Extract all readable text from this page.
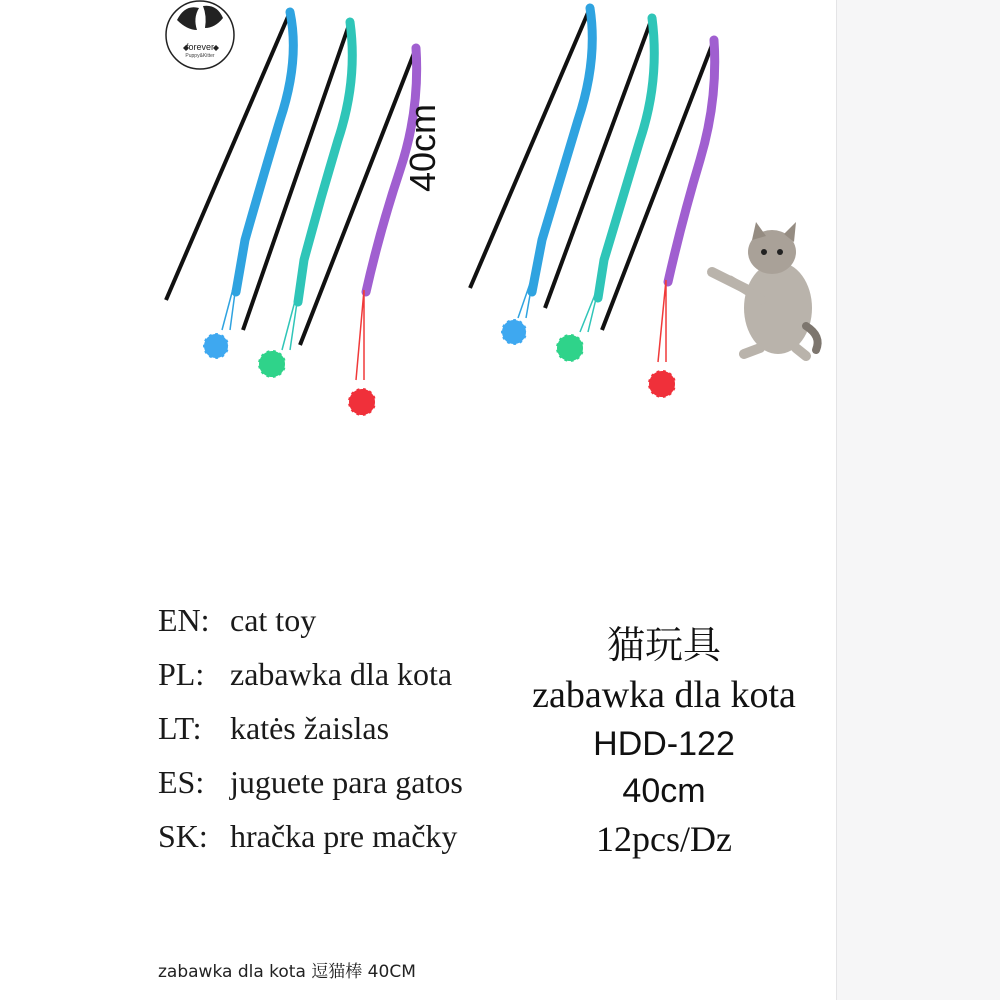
forever
Puppy&Kitter
40cm
EN: cat toy
PL: zabawka dla kota
LT: katės žaislas
ES: juguete para gatos
SK: hračka pre mačky
猫玩具
zabawka dla kota
HDD-122
40cm
12pcs/Dz
zabawka dla kota 逗猫棒 40CM
